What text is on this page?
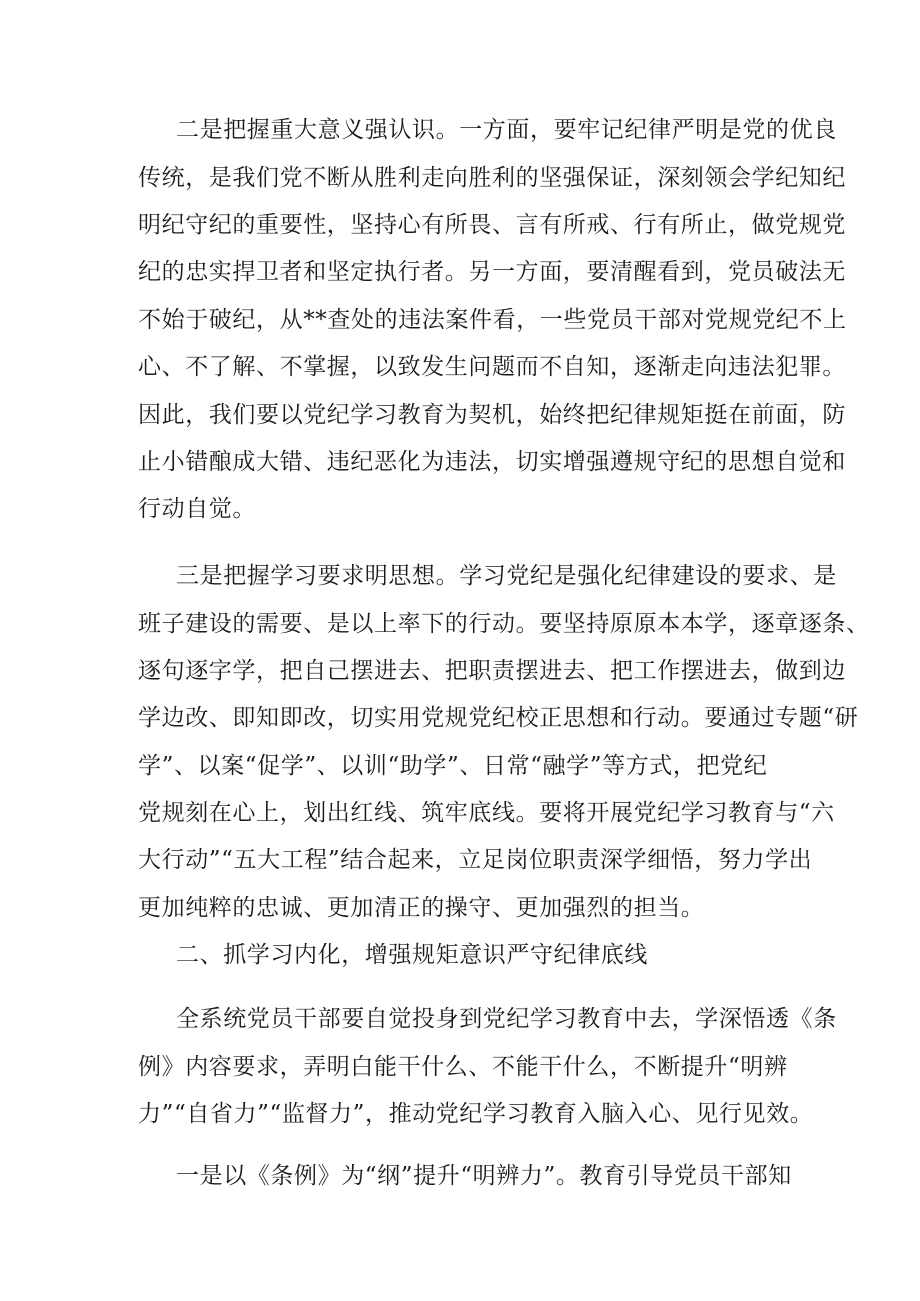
二是把握重大意义强认识。一方面，要牢记纪律严明是党的优良
传统，是我们党不断从胜利走向胜利的坚强保证，深刻领会学纪知纪
明纪守纪的重要性，坚持心有所畏、言有所戒、行有所止，做党规党
纪的忠实捍卫者和坚定执行者。另一方面，要清醒看到，党员破法无
不始于破纪，从**查处的违法案件看，一些党员干部对党规党纪不上
心、不了解、不掌握，以致发生问题而不自知，逐渐走向违法犯罪。
因此，我们要以党纪学习教育为契机，始终把纪律规矩挺在前面，防
止小错酿成大错、违纪恶化为违法，切实增强遵规守纪的思想自觉和
行动自觉。
三是把握学习要求明思想。学习党纪是强化纪律建设的要求、是
班子建设的需要、是以上率下的行动。要坚持原原本本学，逐章逐条、
逐句逐字学，把自己摆进去、把职责摆进去、把工作摆进去，做到边
学边改、即知即改，切实用党规党纪校正思想和行动。要通过专题“研
学”、以案“促学”、以训“助学”、日常“融学”等方式，把党纪
党规刻在心上，划出红线、筑牢底线。要将开展党纪学习教育与“六
大行动”“五大工程”结合起来，立足岗位职责深学细悟，努力学出
更加纯粹的忠诚、更加清正的操守、更加强烈的担当。
二、抓学习内化，增强规矩意识严守纪律底线
全系统党员干部要自觉投身到党纪学习教育中去，学深悟透《条
例》内容要求，弄明白能干什么、不能干什么，不断提升“明辨
力”“自省力”“监督力”，推动党纪学习教育入脑入心、见行见效。
一是以《条例》为“纲”提升“明辨力”。教育引导党员干部知
